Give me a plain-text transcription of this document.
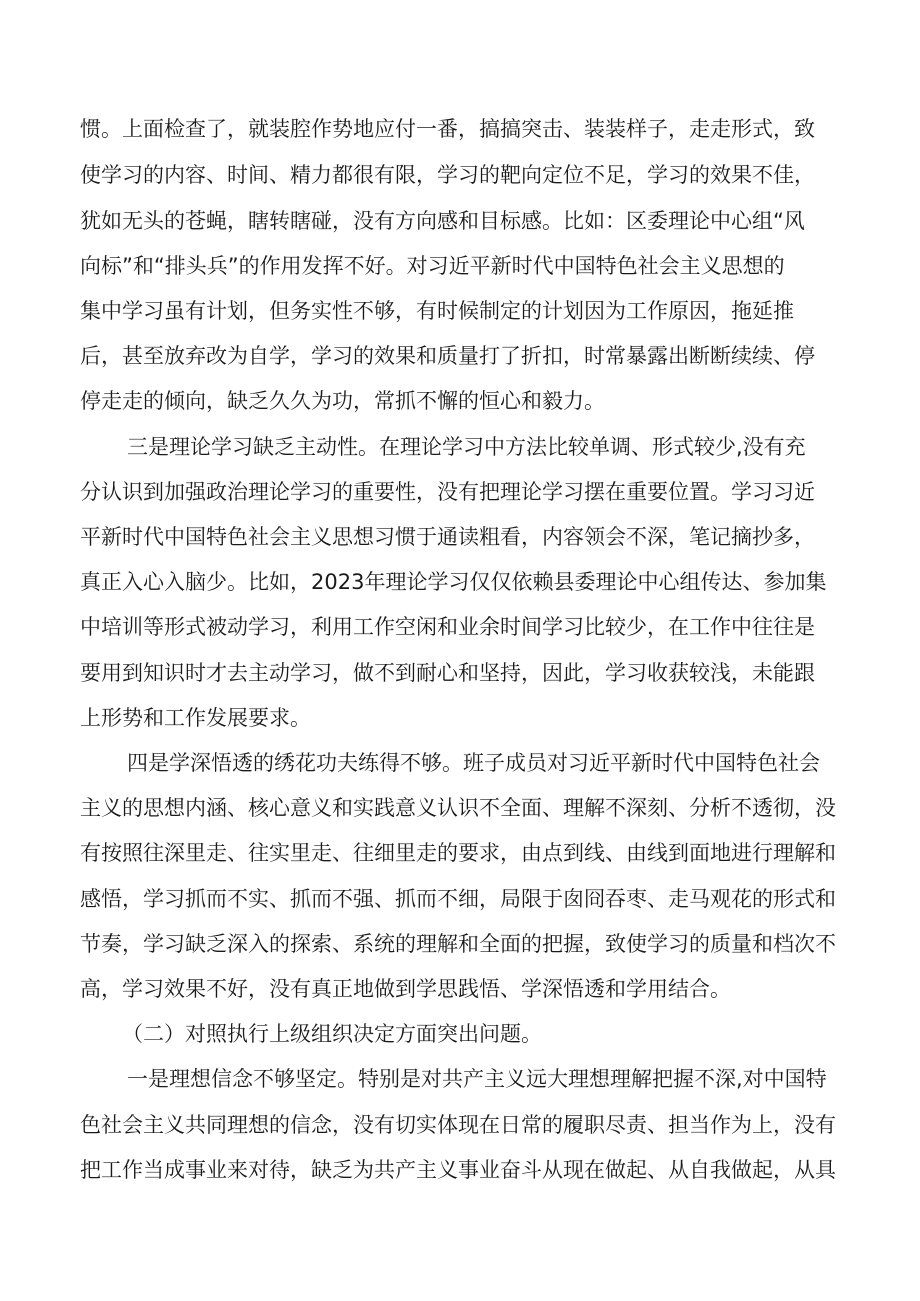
惯。上面检查了，就装腔作势地应付一番，搞搞突击、装装样子，走走形式，致

使学习的内容、时间、精力都很有限，学习的靶向定位不足，学习的效果不佳，

犹如无头的苍蝇，瞎转瞎碰，没有方向感和目标感。比如：区委理论中心组“风

向标”和“排头兵”的作用发挥不好。对习近平新时代中国特色社会主义思想的

集中学习虽有计划，但务实性不够，有时候制定的计划因为工作原因，拖延推

后，甚至放弃改为自学，学习的效果和质量打了折扣，时常暴露出断断续续、停

停走走的倾向，缺乏久久为功，常抓不懈的恒心和毅力。

三是理论学习缺乏主动性。在理论学习中方法比较单调、形式较少,没有充

分认识到加强政治理论学习的重要性，没有把理论学习摆在重要位置。学习习近

平新时代中国特色社会主义思想习惯于通读粗看，内容领会不深，笔记摘抄多，

真正入心入脑少。比如，2023年理论学习仅仅依赖县委理论中心组传达、参加集

中培训等形式被动学习，利用工作空闲和业余时间学习比较少，在工作中往往是

要用到知识时才去主动学习，做不到耐心和坚持，因此，学习收获较浅，未能跟

上形势和工作发展要求。

四是学深悟透的绣花功夫练得不够。班子成员对习近平新时代中国特色社会

主义的思想内涵、核心意义和实践意义认识不全面、理解不深刻、分析不透彻，没

有按照往深里走、往实里走、往细里走的要求，由点到线、由线到面地进行理解和

感悟，学习抓而不实、抓而不强、抓而不细，局限于囱冏吞枣、走马观花的形式和

节奏，学习缺乏深入的探索、系统的理解和全面的把握，致使学习的质量和档次不

高，学习效果不好，没有真正地做到学思践悟、学深悟透和学用结合。

（二）对照执行上级组织决定方面突出问题。

一是理想信念不够坚定。特别是对共产主义远大理想理解把握不深,对中国特

色社会主义共同理想的信念，没有切实体现在日常的履职尽责、担当作为上，没有

把工作当成事业来对待，缺乏为共产主义事业奋斗从现在做起、从自我做起，从具
